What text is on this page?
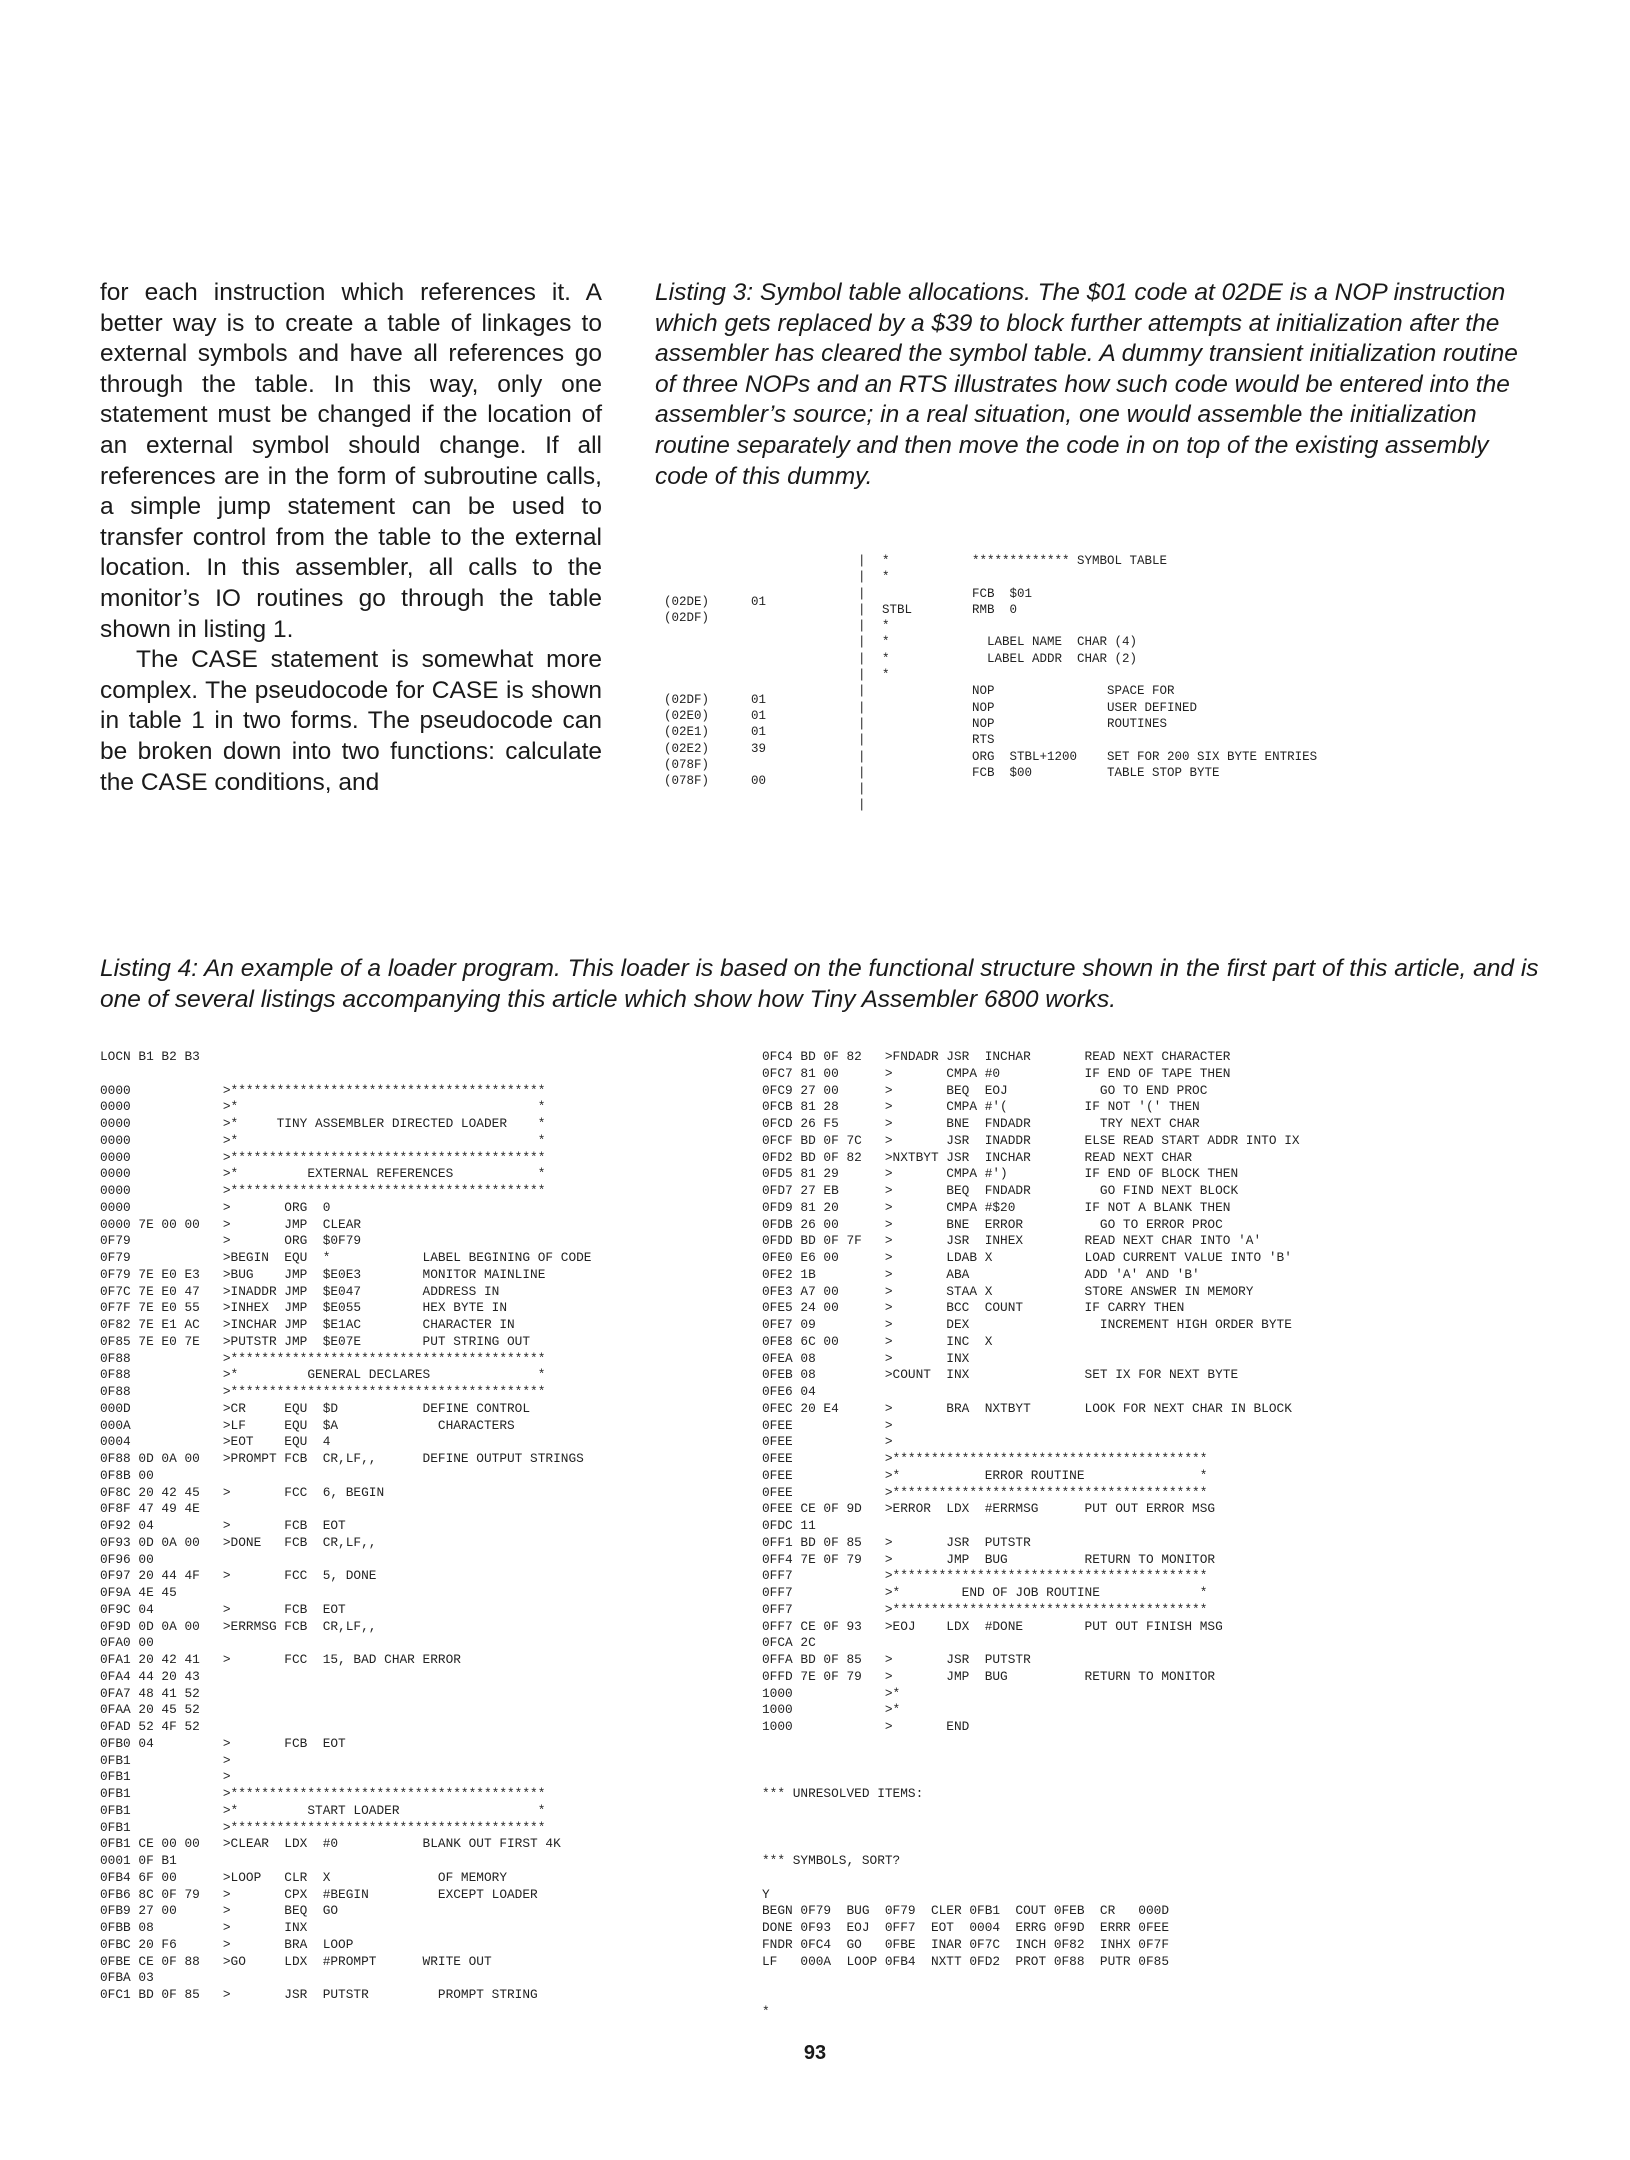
for each instruction which references it. A better way is to create a table of linkages to external symbols and have all references go through the table. In this way, only one statement must be changed if the location of an external symbol should change. If all references are in the form of subroutine calls, a simple jump statement can be used to transfer control from the table to the external location. In this assembler, all calls to the monitor’s IO routines go through the table shown in listing 1.

The CASE statement is somewhat more complex. The pseudocode for CASE is shown in table 1 in two forms. The pseudocode can be broken down into two functions: calculate the CASE conditions, and

Listing 3: Symbol table allocations. The $01 code at 02DE is a NOP instruction which gets replaced by a $39 to block further attempts at initialization after the assembler has cleared the symbol table. A dummy transient initialization routine of three NOPs and an RTS illustrates how such code would be entered into the assembler’s source; in a real situation, one would assemble the initialization routine separately and then move the code in on top of the existing assembly code of this dummy.
(02DE)
(02DF)

(02DF)
(02E0)
(02E1)
(02E2)
(078F)
(078F)
01

01
01
01
39

00
|
|
|
|
|
|
|
|
|
|
|
|
|
|
|
|
*           ************* SYMBOL TABLE
*
FCB  $01
STBL        RMB  0
*
*             LABEL NAME  CHAR (4)
*             LABEL ADDR  CHAR (2)
*
NOP               SPACE FOR
NOP               USER DEFINED
NOP               ROUTINES
RTS
ORG  STBL+1200    SET FOR 200 SIX BYTE ENTRIES
FCB  $00          TABLE STOP BYTE
Listing 4: An example of a loader program. This loader is based on the functional structure shown in the first part of this article, and is one of several listings accompanying this article which show how Tiny Assembler 6800 works.
LOCN B1 B2 B3

0000            >*****************************************
0000            >*                                       *
0000            >*     TINY ASSEMBLER DIRECTED LOADER    *
0000            >*                                       *
0000            >*****************************************
0000            >*         EXTERNAL REFERENCES           *
0000            >*****************************************
0000            >       ORG  0
0000 7E 00 00   >       JMP  CLEAR
0F79            >       ORG  $0F79
0F79            >BEGIN  EQU  *            LABEL BEGINING OF CODE
0F79 7E E0 E3   >BUG    JMP  $E0E3        MONITOR MAINLINE
0F7C 7E E0 47   >INADDR JMP  $E047        ADDRESS IN
0F7F 7E E0 55   >INHEX  JMP  $E055        HEX BYTE IN
0F82 7E E1 AC   >INCHAR JMP  $E1AC        CHARACTER IN
0F85 7E E0 7E   >PUTSTR JMP  $E07E        PUT STRING OUT
0F88            >*****************************************
0F88            >*         GENERAL DECLARES              *
0F88            >*****************************************
000D            >CR     EQU  $D           DEFINE CONTROL
000A            >LF     EQU  $A             CHARACTERS
0004            >EOT    EQU  4
0F88 0D 0A 00   >PROMPT FCB  CR,LF,,      DEFINE OUTPUT STRINGS
0F8B 00
0F8C 20 42 45   >       FCC  6, BEGIN
0F8F 47 49 4E
0F92 04         >       FCB  EOT
0F93 0D 0A 00   >DONE   FCB  CR,LF,,
0F96 00
0F97 20 44 4F   >       FCC  5, DONE
0F9A 4E 45
0F9C 04         >       FCB  EOT
0F9D 0D 0A 00   >ERRMSG FCB  CR,LF,,
0FA0 00
0FA1 20 42 41   >       FCC  15, BAD CHAR ERROR
0FA4 44 20 43
0FA7 48 41 52
0FAA 20 45 52
0FAD 52 4F 52
0FB0 04         >       FCB  EOT
0FB1            >
0FB1            >
0FB1            >*****************************************
0FB1            >*         START LOADER                  *
0FB1            >*****************************************
0FB1 CE 00 00   >CLEAR  LDX  #0           BLANK OUT FIRST 4K
0001 0F B1
0FB4 6F 00      >LOOP   CLR  X              OF MEMORY
0FB6 8C 0F 79   >       CPX  #BEGIN         EXCEPT LOADER
0FB9 27 00      >       BEQ  GO
0FBB 08         >       INX
0FBC 20 F6      >       BRA  LOOP
0FBE CE 0F 88   >GO     LDX  #PROMPT      WRITE OUT
0FBA 03
0FC1 BD 0F 85   >       JSR  PUTSTR         PROMPT STRING
0FC4 BD 0F 82   >FNDADR JSR  INCHAR       READ NEXT CHARACTER
0FC7 81 00      >       CMPA #0           IF END OF TAPE THEN
0FC9 27 00      >       BEQ  EOJ            GO TO END PROC
0FCB 81 28      >       CMPA #'(          IF NOT '(' THEN
0FCD 26 F5      >       BNE  FNDADR         TRY NEXT CHAR
0FCF BD 0F 7C   >       JSR  INADDR       ELSE READ START ADDR INTO IX
0FD2 BD 0F 82   >NXTBYT JSR  INCHAR       READ NEXT CHAR
0FD5 81 29      >       CMPA #')          IF END OF BLOCK THEN
0FD7 27 EB      >       BEQ  FNDADR         GO FIND NEXT BLOCK
0FD9 81 20      >       CMPA #$20         IF NOT A BLANK THEN
0FDB 26 00      >       BNE  ERROR          GO TO ERROR PROC
0FDD BD 0F 7F   >       JSR  INHEX        READ NEXT CHAR INTO 'A'
0FE0 E6 00      >       LDAB X            LOAD CURRENT VALUE INTO 'B'
0FE2 1B         >       ABA               ADD 'A' AND 'B'
0FE3 A7 00      >       STAA X            STORE ANSWER IN MEMORY
0FE5 24 00      >       BCC  COUNT        IF CARRY THEN
0FE7 09         >       DEX                 INCREMENT HIGH ORDER BYTE
0FE8 6C 00      >       INC  X
0FEA 08         >       INX
0FEB 08         >COUNT  INX               SET IX FOR NEXT BYTE
0FE6 04
0FEC 20 E4      >       BRA  NXTBYT       LOOK FOR NEXT CHAR IN BLOCK
0FEE            >
0FEE            >
0FEE            >*****************************************
0FEE            >*           ERROR ROUTINE               *
0FEE            >*****************************************
0FEE CE 0F 9D   >ERROR  LDX  #ERRMSG      PUT OUT ERROR MSG
0FDC 11
0FF1 BD 0F 85   >       JSR  PUTSTR
0FF4 7E 0F 79   >       JMP  BUG          RETURN TO MONITOR
0FF7            >*****************************************
0FF7            >*        END OF JOB ROUTINE             *
0FF7            >*****************************************
0FF7 CE 0F 93   >EOJ    LDX  #DONE        PUT OUT FINISH MSG
0FCA 2C
0FFA BD 0F 85   >       JSR  PUTSTR
0FFD 7E 0F 79   >       JMP  BUG          RETURN TO MONITOR
1000            >*
1000            >*
1000            >       END

*** UNRESOLVED ITEMS:

*** SYMBOLS, SORT?

Y
BEGN 0F79  BUG  0F79  CLER 0FB1  COUT 0FEB  CR   000D
DONE 0F93  EOJ  0FF7  EOT  0004  ERRG 0F9D  ERRR 0FEE
FNDR 0FC4  GO   0FBE  INAR 0F7C  INCH 0F82  INHX 0F7F
LF   000A  LOOP 0FB4  NXTT 0FD2  PROT 0F88  PUTR 0F85

*
93
